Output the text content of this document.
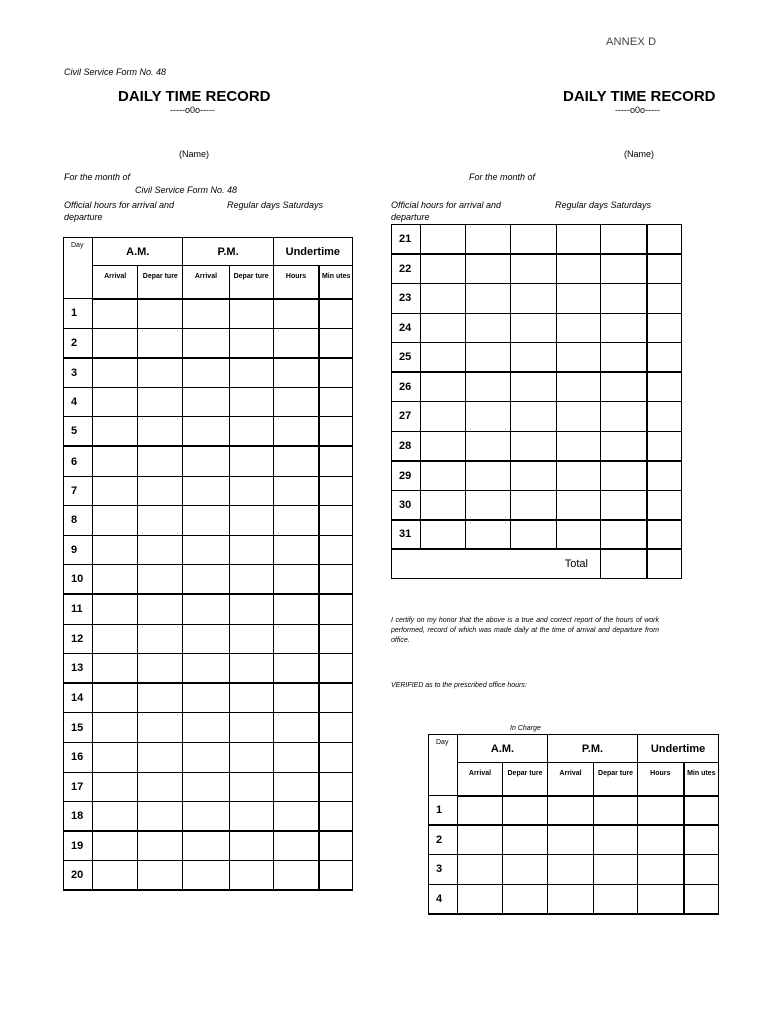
ANNEX D
Civil Service Form No. 48
DAILY TIME RECORD
-----o0o-----
DAILY TIME RECORD
-----o0o-----
(Name)	(Name)
For the month of
Civil Service Form No. 48
For the month of
Official hours for arrival and departure
Regular days Saturdays	Official hours for arrival and departure
Regular days Saturdays
Day	A.M.		P.M.		Undertime	
	Arrival	Depar ture	Arrival	Depar ture	Hours	Min utes
1						
2						
3						
4						
5						
6						
7						
8						
9						
10						
11						
12						
13						
14						
15						
16						
17						
18						
19						
20						
21						
22						
23						
24						
25						
26						
27						
28						
29						
30						
31						
Total						
I certify on my honor that the above is a true and correct report of the hours of work performed, record of which was made daily at the time of arrival and departure from office.
VERIFIED as to the prescribed office hours:
In Charge
Day	A.M.		P.M.		Undertime	
	Arrival	Depar ture	Arrival	Depar ture	Hours	Min utes
1						
2						
3						
4						
